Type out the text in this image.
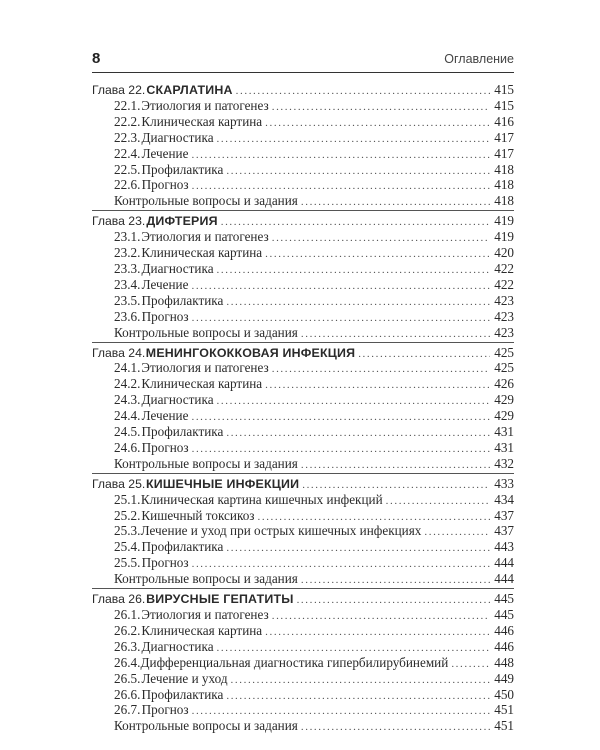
8	Оглавление
Глава 22. СКАРЛАТИНА .....	415
22.1. Этиология и патогенез .....	415
22.2. Клиническая картина .....	416
22.3. Диагностика .....	417
22.4. Лечение .....	417
22.5. Профилактика .....	418
22.6. Прогноз .....	418
Контрольные вопросы и задания .....	418
Глава 23. ДИФТЕРИЯ .....	419
23.1. Этиология и патогенез .....	419
23.2. Клиническая картина .....	420
23.3. Диагностика .....	422
23.4. Лечение .....	422
23.5. Профилактика .....	423
23.6. Прогноз .....	423
Контрольные вопросы и задания .....	423
Глава 24. МЕНИНГОКОККОВАЯ ИНФЕКЦИЯ .....	425
24.1. Этиология и патогенез .....	425
24.2. Клиническая картина .....	426
24.3. Диагностика .....	429
24.4. Лечение .....	429
24.5. Профилактика .....	431
24.6. Прогноз .....	431
Контрольные вопросы и задания .....	432
Глава 25. КИШЕЧНЫЕ ИНФЕКЦИИ .....	433
25.1. Клиническая картина кишечных инфекций .....	434
25.2. Кишечный токсикоз .....	437
25.3. Лечение и уход при острых кишечных инфекциях .....	437
25.4. Профилактика .....	443
25.5. Прогноз .....	444
Контрольные вопросы и задания .....	444
Глава 26. ВИРУСНЫЕ ГЕПАТИТЫ .....	445
26.1. Этиология и патогенез .....	445
26.2. Клиническая картина .....	446
26.3. Диагностика .....	446
26.4. Дифференциальная диагностика гипербилирубинемий .....	448
26.5. Лечение и уход .....	449
26.6. Профилактика .....	450
26.7. Прогноз .....	451
Контрольные вопросы и задания .....	451
